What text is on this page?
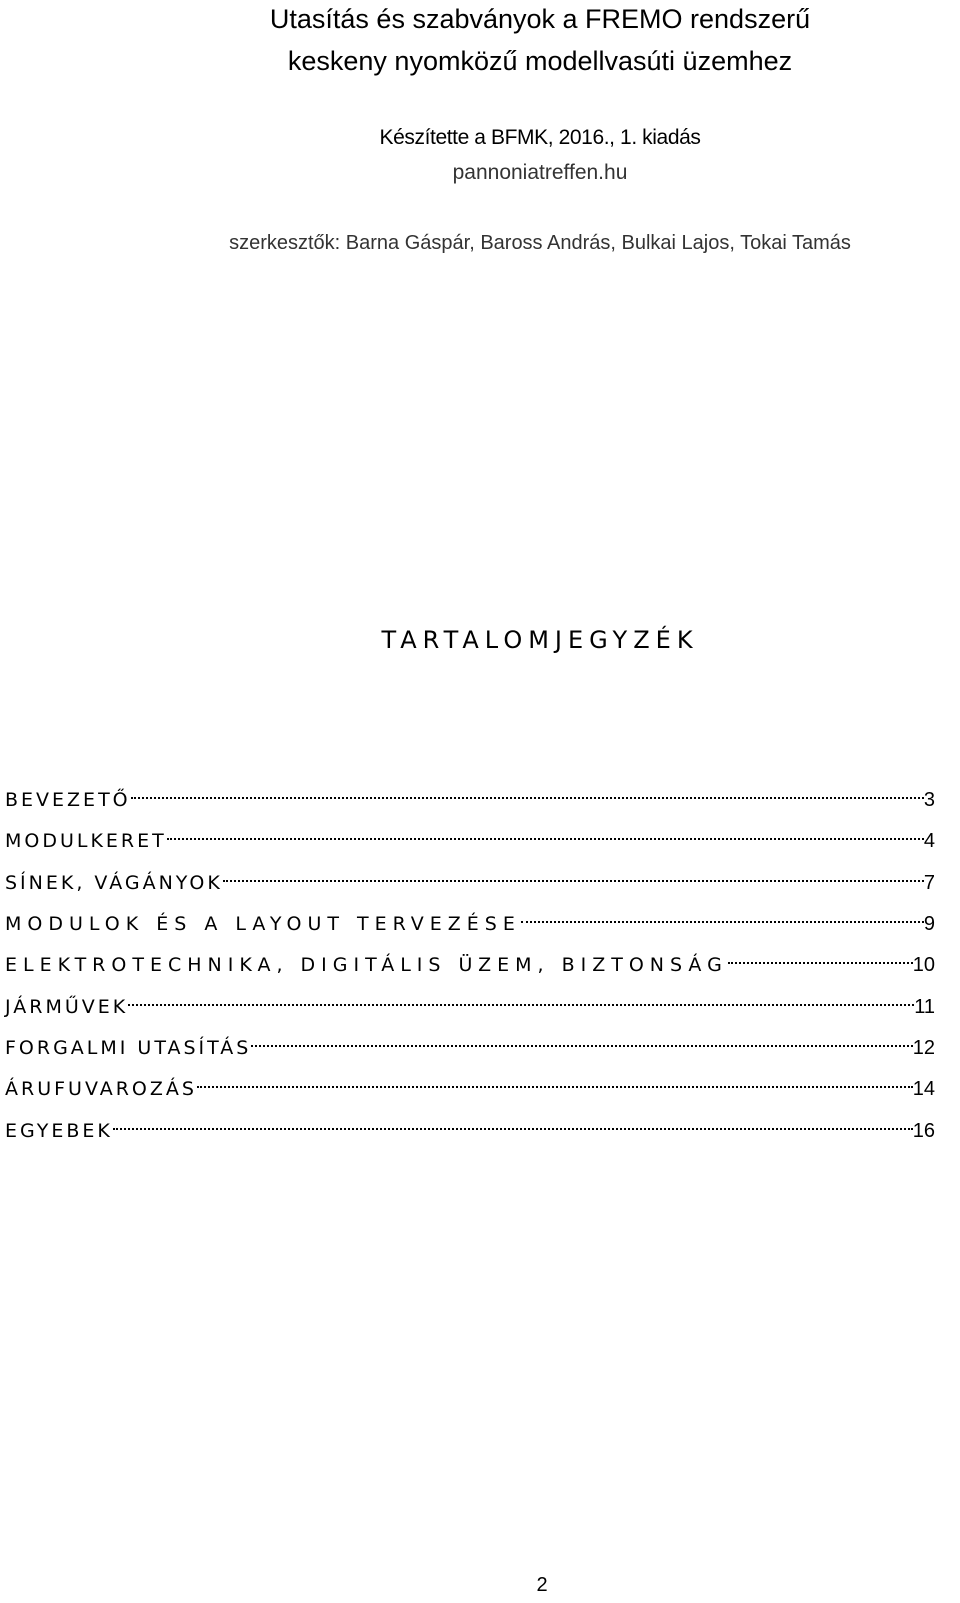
Utasítás és szabványok a FREMO rendszerű
keskeny nyomközű modellvasúti üzemhez
Készítette a BFMK, 2016., 1. kiadás
pannoniatreffen.hu
szerkesztők: Barna Gáspár, Baross András, Bulkai Lajos, Tokai Tamás
TARTALOMJEGYZÉK
BEVEZETŐ	3
MODULKERET	4
SÍNEK, VÁGÁNYOK	7
MODULOK ÉS A LAYOUT TERVEZÉSE	9
ELEKTROTECHNIKA, DIGITÁLIS ÜZEM, BIZTONSÁG	10
JÁRMŰVEK	11
FORGALMI UTASÍTÁS	12
ÁRUFUVAROZÁS	14
EGYEBEK	16
2
